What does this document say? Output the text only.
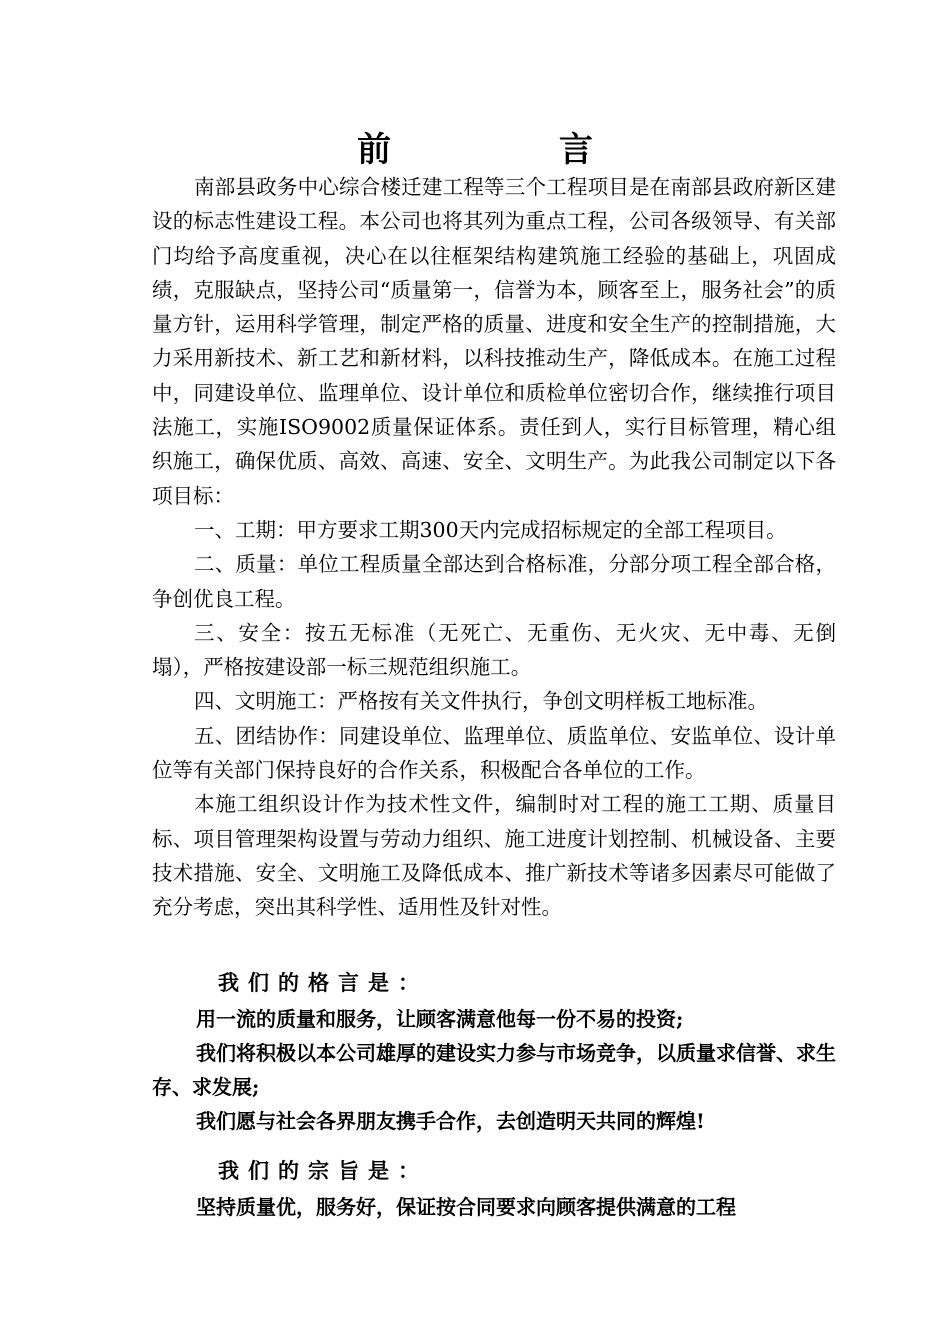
前 言

南部县政务中心综合楼迁建工程等三个工程项目是在南部县政府新区建设的标志性建设工程。本公司也将其列为重点工程，公司各级领导、有关部门均给予高度重视，决心在以往框架结构建筑施工经验的基础上，巩固成绩，克服缺点，坚持公司“质量第一，信誉为本，顾客至上，服务社会”的质量方针，运用科学管理，制定严格的质量、进度和安全生产的控制措施，大力采用新技术、新工艺和新材料，以科技推动生产，降低成本。在施工过程中，同建设单位、监理单位、设计单位和质检单位密切合作，继续推行项目法施工，实施ISO9002质量保证体系。责任到人，实行目标管理，精心组织施工，确保优质、高效、高速、安全、文明生产。为此我公司制定以下各项目标：

一、工期：甲方要求工期300天内完成招标规定的全部工程项目。

二、质量：单位工程质量全部达到合格标准，分部分项工程全部合格，争创优良工程。

三、安全：按五无标准（无死亡、无重伤、无火灾、无中毒、无倒塌），严格按建设部一标三规范组织施工。

四、文明施工：严格按有关文件执行，争创文明样板工地标准。

五、团结协作：同建设单位、监理单位、质监单位、安监单位、设计单位等有关部门保持良好的合作关系，积极配合各单位的工作。

本施工组织设计作为技术性文件，编制时对工程的施工工期、质量目标、项目管理架构设置与劳动力组织、施工进度计划控制、机械设备、主要技术措施、安全、文明施工及降低成本、推广新技术等诸多因素尽可能做了充分考虑，突出其科学性、适用性及针对性。

我们的格言是：

用一流的质量和服务，让顾客满意他每一份不易的投资;

我们将积极以本公司雄厚的建设实力参与市场竞争，以质量求信誉、求生存、求发展;

我们愿与社会各界朋友携手合作，去创造明天共同的辉煌!

我们的宗旨是：

坚持质量优，服务好，保证按合同要求向顾客提供满意的工程
